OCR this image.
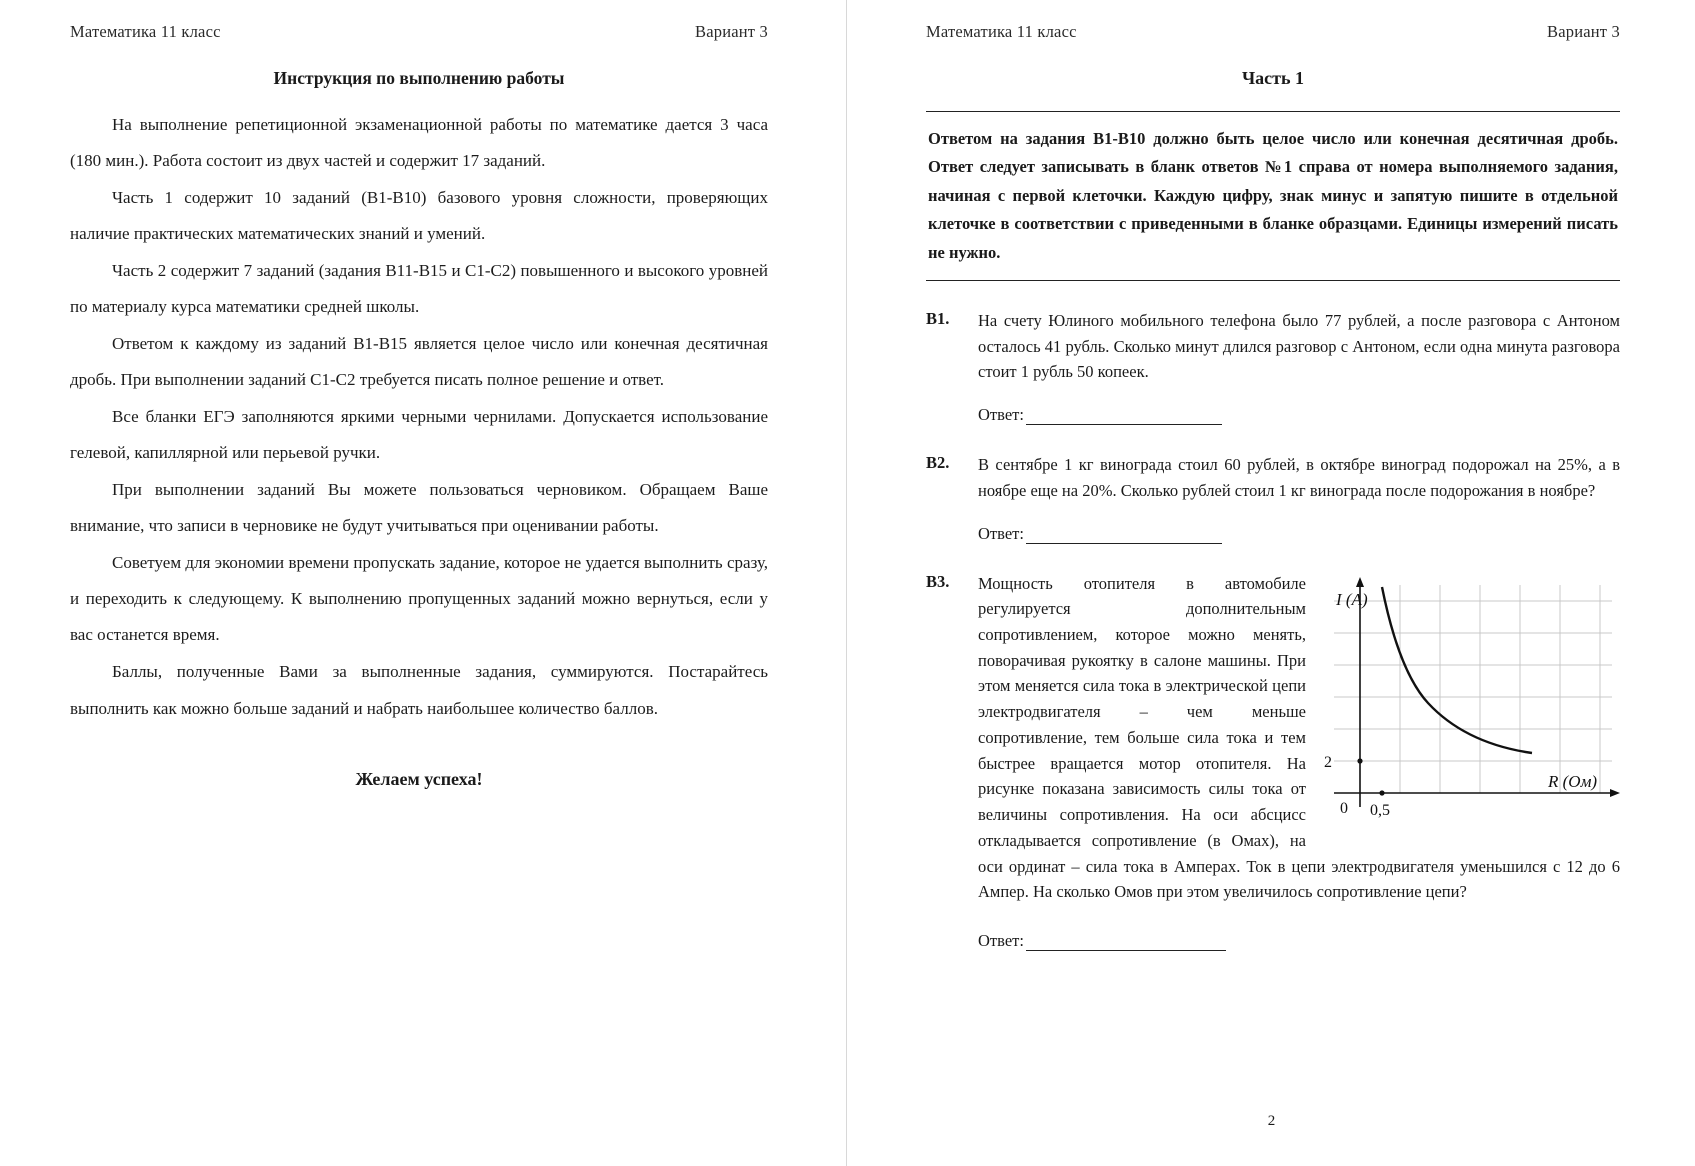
Математика 11 класс	Вариант 3
Инструкция по выполнению работы

На выполнение репетиционной экзаменационной работы по математике дается 3 часа (180 мин.). Работа состоит из двух частей и содержит 17 заданий.

Часть 1 содержит 10 заданий (В1-В10) базового уровня сложности, проверяющих наличие практических математических знаний и умений.

Часть 2 содержит 7 заданий (задания В11-В15 и С1-С2) повышенного и высокого уровней по материалу курса математики средней школы.

Ответом к каждому из заданий В1-В15 является целое число или конечная десятичная дробь. При выполнении заданий С1-С2 требуется писать полное решение и ответ.

Все бланки ЕГЭ заполняются яркими черными чернилами. Допускается использование гелевой, капиллярной или перьевой ручки.

При выполнении заданий Вы можете пользоваться черновиком. Обращаем Ваше внимание, что записи в черновике не будут учитываться при оценивании работы.

Советуем для экономии времени пропускать задание, которое не удается выполнить сразу, и переходить к следующему. К выполнению пропущенных заданий можно вернуться, если у вас останется время.

Баллы, полученные Вами за выполненные задания, суммируются. Постарайтесь выполнить как можно больше заданий и набрать наибольшее количество баллов.

Желаем успеха!
Математика 11 класс	Вариант 3
Часть 1
Ответом на задания В1-В10 должно быть целое число или конечная десятичная дробь. Ответ следует записывать в бланк ответов №1 справа от номера выполняемого задания, начиная с первой клеточки. Каждую цифру, знак минус и запятую пишите в отдельной клеточке в соответствии с приведенными в бланке образцами. Единицы измерений писать не нужно.
В1.	На счету Юлиного мобильного телефона было 77 рублей, а после разговора с Антоном осталось 41 рубль. Сколько минут длился разговор с Антоном, если одна минута разговора стоит 1 рубль 50 копеек.
Ответ:
В2.	В сентябре 1 кг винограда стоил 60 рублей, в октябре виноград подорожал на 25%, а в ноябре еще на 20%. Сколько рублей стоил 1 кг винограда после подорожания в ноябре?
Ответ:
В3.
2
0 0,5
I (A)
R (Ом)
Мощность отопителя в автомобиле регулируется дополнительным сопротивлением, которое можно менять, поворачивая рукоятку в салоне машины. При этом меняется сила тока в электрической цепи электродвигателя – чем меньше сопротивление, тем больше сила тока и тем быстрее вращается мотор отопителя. На рисунке показана зависимость силы тока от величины сопротивления. На оси абсцисс откладывается сопротивление (в Омах), на оси ординат – сила тока в Амперах. Ток в цепи электродвигателя уменьшился с 12 до 6 Ампер. На сколько Омов при этом увеличилось сопротивление цепи?
Ответ:
2
